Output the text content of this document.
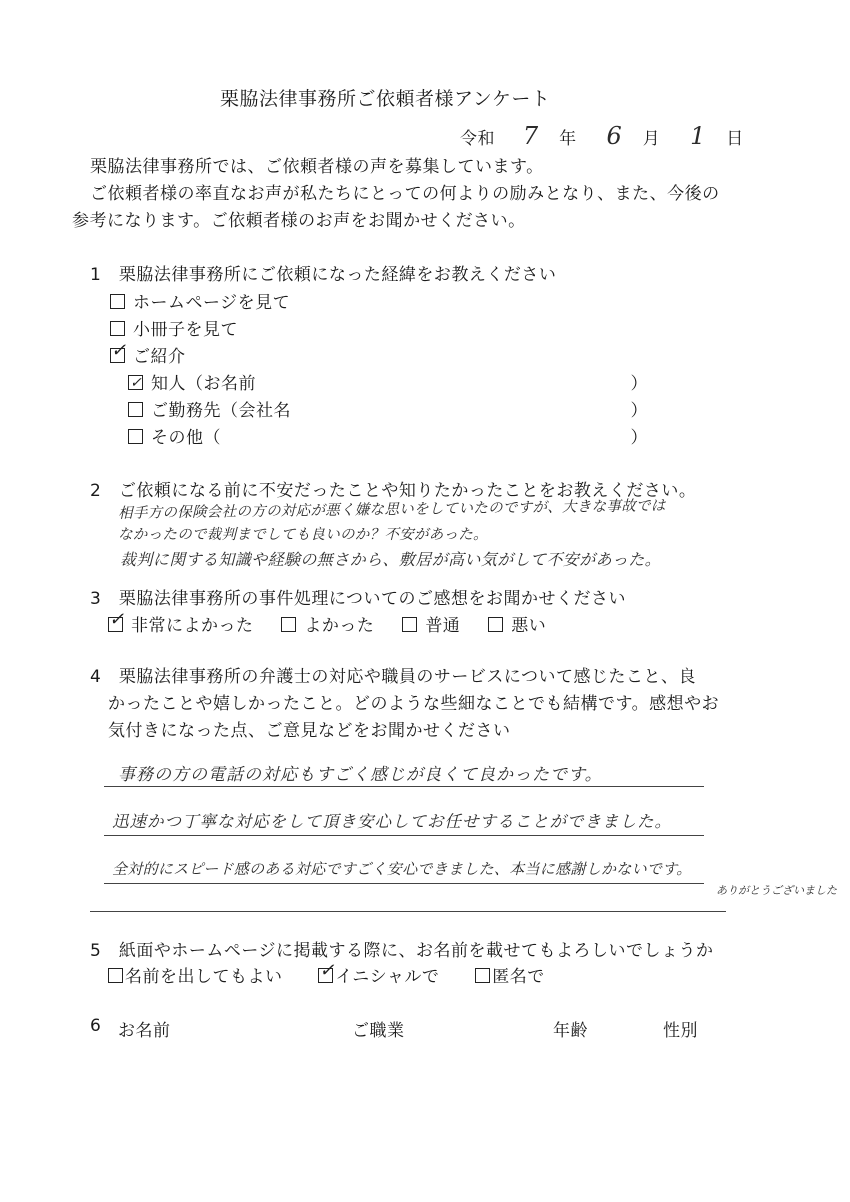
栗脇法律事務所ご依頼者様アンケート
令和 7 年 6 月 1 日
栗脇法律事務所では、ご依頼者様の声を募集しています。
ご依頼者様の率直なお声が私たちにとっての何よりの励みとなり、また、今後の
参考になります。ご依頼者様のお声をお聞かせください。
1　栗脇法律事務所にご依頼になった経緯をお教えください
ホームページを見て
小冊子を見て
✓ ご紹介
✓ 知人（お名前	）
ご勤務先（会社名	）
その他（	）
2　ご依頼になる前に不安だったことや知りたかったことをお教えください。
相手方の保険会社の方の対応が悪く嫌な思いをしていたのですが、大きな事故では
なかったので裁判までしても良いのか？不安があった。
裁判に関する知識や経験の無さから、敷居が高い気がして不安があった。
3　栗脇法律事務所の事件処理についてのご感想をお聞かせください
✓ 非常によかった	よかった	普通	悪い
4　栗脇法律事務所の弁護士の対応や職員のサービスについて感じたこと、良
かったことや嬉しかったこと。どのような些細なことでも結構です。感想やお
気付きになった点、ご意見などをお聞かせください
事務の方の電話の対応もすごく感じが良くて良かったです。
迅速かつ丁寧な対応をして頂き安心してお任せすることができました。
全対的にスピード感のある対応ですごく安心できました、本当に感謝しかないです。
ありがとうございました
5　紙面やホームページに掲載する際に、お名前を載せてもよろしいでしょうか
名前を出してもよい ✓ イニシャルで	匿名で
6 お名前	ご職業	年齢	性別
